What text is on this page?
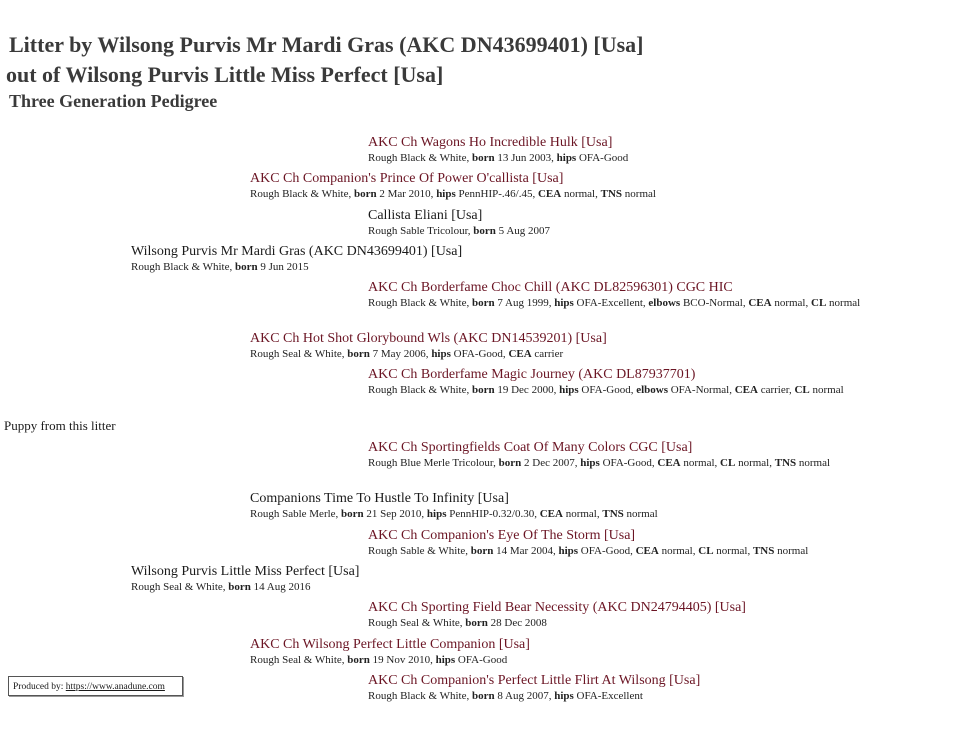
Litter by Wilsong Purvis Mr Mardi Gras (AKC DN43699401) [Usa]
out of Wilsong Purvis Little Miss Perfect [Usa]
Three Generation Pedigree
Puppy from this litter
AKC Ch Wagons Ho Incredible Hulk [Usa]
Rough Black & White, born 13 Jun 2003, hips OFA-Good
AKC Ch Companion's Prince Of Power O'callista [Usa]
Rough Black & White, born 2 Mar 2010, hips PennHIP-.46/.45, CEA normal, TNS normal
Callista Eliani [Usa]
Rough Sable Tricolour, born 5 Aug 2007
Wilsong Purvis Mr Mardi Gras (AKC DN43699401) [Usa]
Rough Black & White, born 9 Jun 2015
AKC Ch Borderfame Choc Chill (AKC DL82596301) CGC HIC
Rough Black & White, born 7 Aug 1999, hips OFA-Excellent, elbows BCO-Normal, CEA normal, CL normal
AKC Ch Hot Shot Glorybound Wls (AKC DN14539201) [Usa]
Rough Seal & White, born 7 May 2006, hips OFA-Good, CEA carrier
AKC Ch Borderfame Magic Journey (AKC DL87937701)
Rough Black & White, born 19 Dec 2000, hips OFA-Good, elbows OFA-Normal, CEA carrier, CL normal
AKC Ch Sportingfields Coat Of Many Colors CGC [Usa]
Rough Blue Merle Tricolour, born 2 Dec 2007, hips OFA-Good, CEA normal, CL normal, TNS normal
Companions Time To Hustle To Infinity [Usa]
Rough Sable Merle, born 21 Sep 2010, hips PennHIP-0.32/0.30, CEA normal, TNS normal
AKC Ch Companion's Eye Of The Storm [Usa]
Rough Sable & White, born 14 Mar 2004, hips OFA-Good, CEA normal, CL normal, TNS normal
Wilsong Purvis Little Miss Perfect [Usa]
Rough Seal & White, born 14 Aug 2016
AKC Ch Sporting Field Bear Necessity (AKC DN24794405) [Usa]
Rough Seal & White, born 28 Dec 2008
AKC Ch Wilsong Perfect Little Companion [Usa]
Rough Seal & White, born 19 Nov 2010, hips OFA-Good
AKC Ch Companion's Perfect Little Flirt At Wilsong [Usa]
Rough Black & White, born 8 Aug 2007, hips OFA-Excellent
Produced by: https://www.anadune.com
